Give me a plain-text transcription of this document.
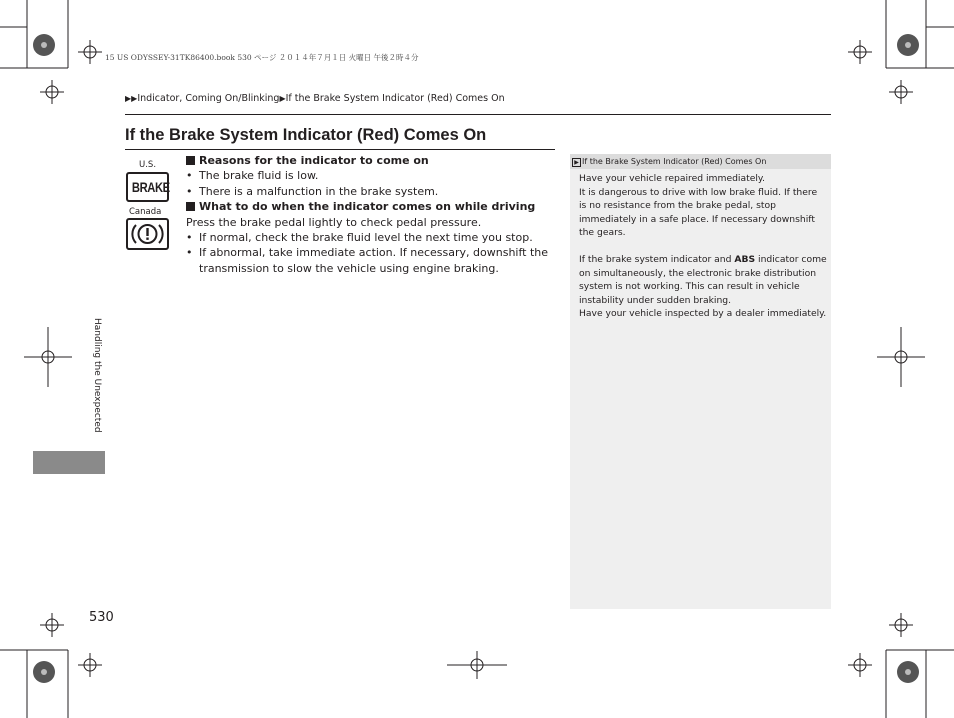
15 US ODYSSEY-31TK86400.book 530 ページ ２０１４年７月１日 火曜日 午後２時４分
▶▶Indicator, Coming On/Blinking▶If the Brake System Indicator (Red) Comes On
If the Brake System Indicator (Red) Comes On
U.S.
BRAKE
Canada
Reasons for the indicator to come on
• The brake fluid is low.
• There is a malfunction in the brake system.
What to do when the indicator comes on while driving
Press the brake pedal lightly to check pedal pressure.
• If normal, check the brake fluid level the next time you stop.
• If abnormal, take immediate action. If necessary, downshift the
transmission to slow the vehicle using engine braking.
▶ If the Brake System Indicator (Red) Comes On
Have your vehicle repaired immediately.
It is dangerous to drive with low brake fluid. If there
is no resistance from the brake pedal, stop
immediately in a safe place. If necessary downshift
the gears.
If the brake system indicator and ABS indicator come
on simultaneously, the electronic brake distribution
system is not working. This can result in vehicle
instability under sudden braking.
Have your vehicle inspected by a dealer immediately.
Handling the Unexpected
530
